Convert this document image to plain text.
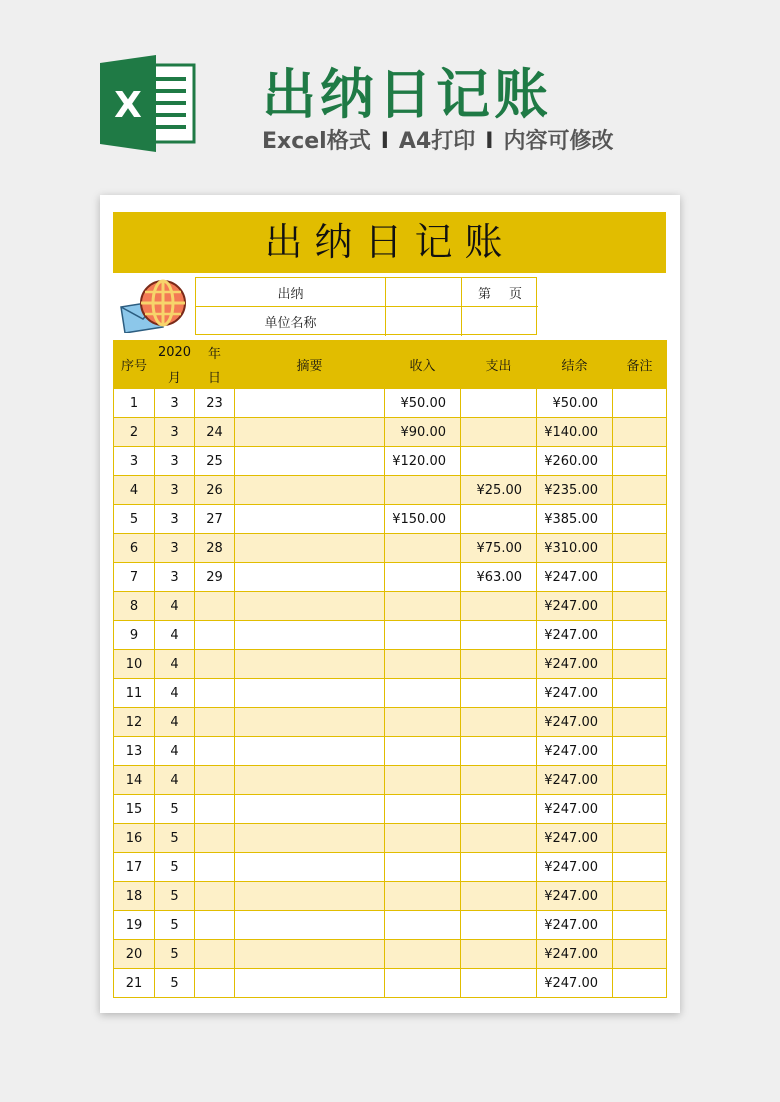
X 出纳日记账
Excel格式 I A4打印 I 内容可修改
出纳日记账
出纳	第 页
单位名称
序号	2020	年	摘要	收入	支出	结余	备注
	月	日					
1	3	23		¥50.00		¥50.00	
2	3	24		¥90.00		¥140.00	
3	3	25		¥120.00		¥260.00	
4	3	26			¥25.00	¥235.00	
5	3	27		¥150.00		¥385.00	
6	3	28			¥75.00	¥310.00	
7	3	29			¥63.00	¥247.00	
8	4					¥247.00	
9	4					¥247.00	
10	4					¥247.00	
11	4					¥247.00	
12	4					¥247.00	
13	4					¥247.00	
14	4					¥247.00	
15	5					¥247.00	
16	5					¥247.00	
17	5					¥247.00	
18	5					¥247.00	
19	5					¥247.00	
20	5					¥247.00	
21	5					¥247.00	
